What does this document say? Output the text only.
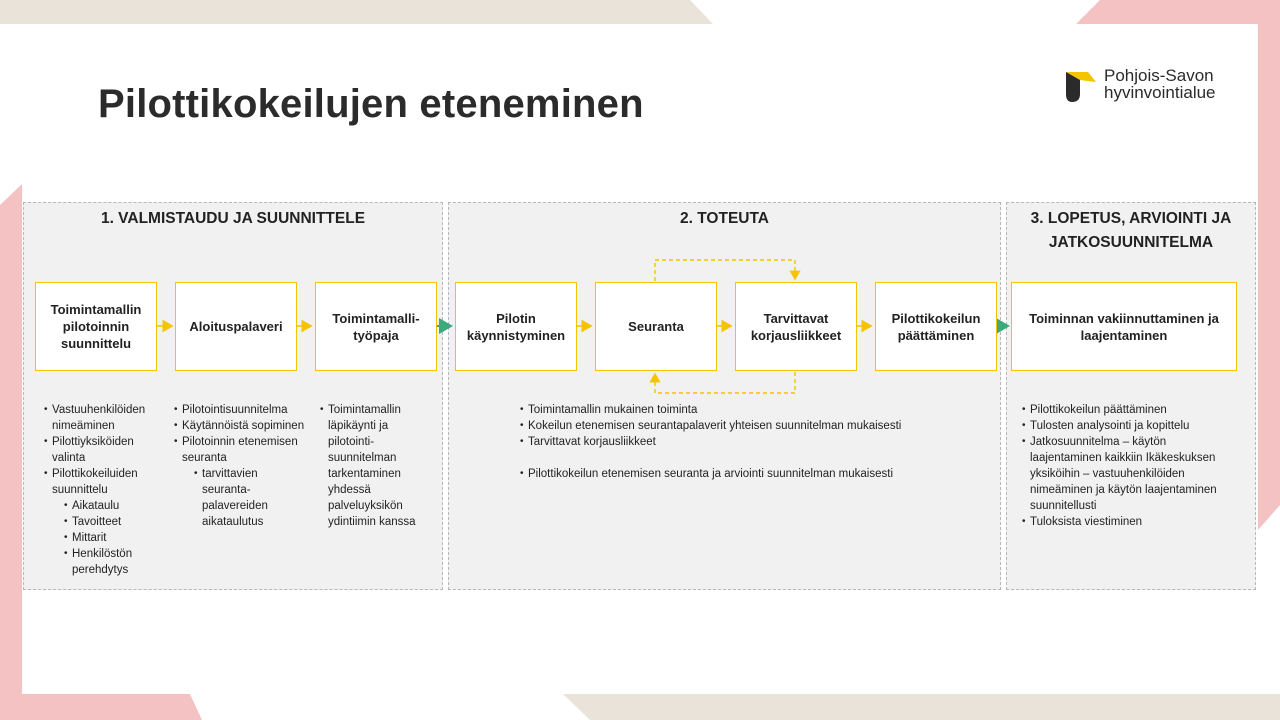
Pilottikokeilujen eteneminen
Pohjois-Savon
hyvinvointialue
1. VALMISTAUDU JA SUUNNITTELE	2. TOTEUTA	3. LOPETUS, ARVIOINTI JA JATKOSUUNNITELMA
Toimintamallin pilotoinnin suunnittelu
Aloituspalaveri
Toimintamalli-työpaja
Pilotin käynnistyminen
Seuranta
Tarvittavat korjausliikkeet
Pilottikokeilun päättäminen
Toiminnan vakiinnuttaminen ja laajentaminen
• Vastuuhenkilöiden nimeäminen
• Pilottiyksiköiden valinta
• Pilottikokeiluiden suunnittelu
• Aikataulu
• Tavoitteet
• Mittarit
• Henkilöstön perehdytys
• Pilotointisuunnitelma
• Käytännöistä sopiminen
• Pilotoinnin etenemisen seuranta
• tarvittavien seuranta-palavereiden aikataulutus
• Toimintamallin läpikäynti ja pilotointi-suunnitelman tarkentaminen yhdessä palveluyksikön ydintiimin kanssa
• Toimintamallin mukainen toiminta
• Kokeilun etenemisen seurantapalaverit yhteisen suunnitelman mukaisesti
• Tarvittavat korjausliikkeet
• Pilottikokeilun etenemisen seuranta ja arviointi suunnitelman mukaisesti
• Pilottikokeilun päättäminen
• Tulosten analysointi ja kopittelu
• Jatkosuunnitelma – käytön laajentaminen kaikkiin Ikäkeskuksen yksiköihin – vastuuhenkilöiden nimeäminen ja käytön laajentaminen suunnitellusti
• Tuloksista viestiminen
